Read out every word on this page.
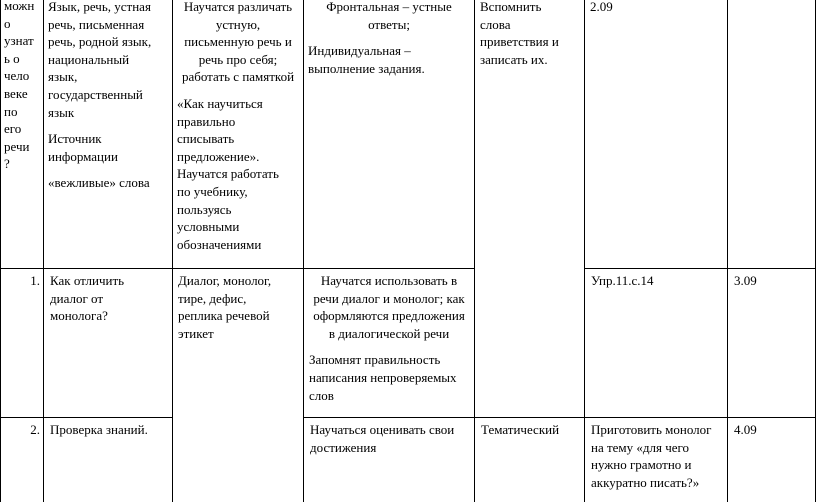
можн
о
узнат
ь о
чело
веке
по
его
речи
?
Язык, речь, устная
речь, письменная
речь, родной язык,
национальный
язык,
государственный
язык
Источник
информации
«вежливые» слова
Научатся различать
устную,
письменную речь и
речь про себя;
работать с памяткой
«Как научиться
правильно
списывать
предложение».
Научатся работать
по учебнику,
пользуясь
условными
обозначениями
Фронтальная – устные
ответы;
Индивидуальная –
выполнение задания.
Вспомнить
слова
приветствия и
записать их.
2.09
1. Как отличить
диалог от
монолога?
Диалог, монолог,
тире, дефис,
реплика речевой
этикет
Научатся использовать в
речи диалог и монолог; как
оформляются предложения
в диалогической речи
Запомнят правильность
написания непроверяемых
слов
Упр.11.с.14	3.09
2. Проверка знаний.	Научаться оценивать свои
достижения
Тематический Приготовить монолог
на тему «для чего
нужно грамотно и
аккуратно писать?»
4.09
